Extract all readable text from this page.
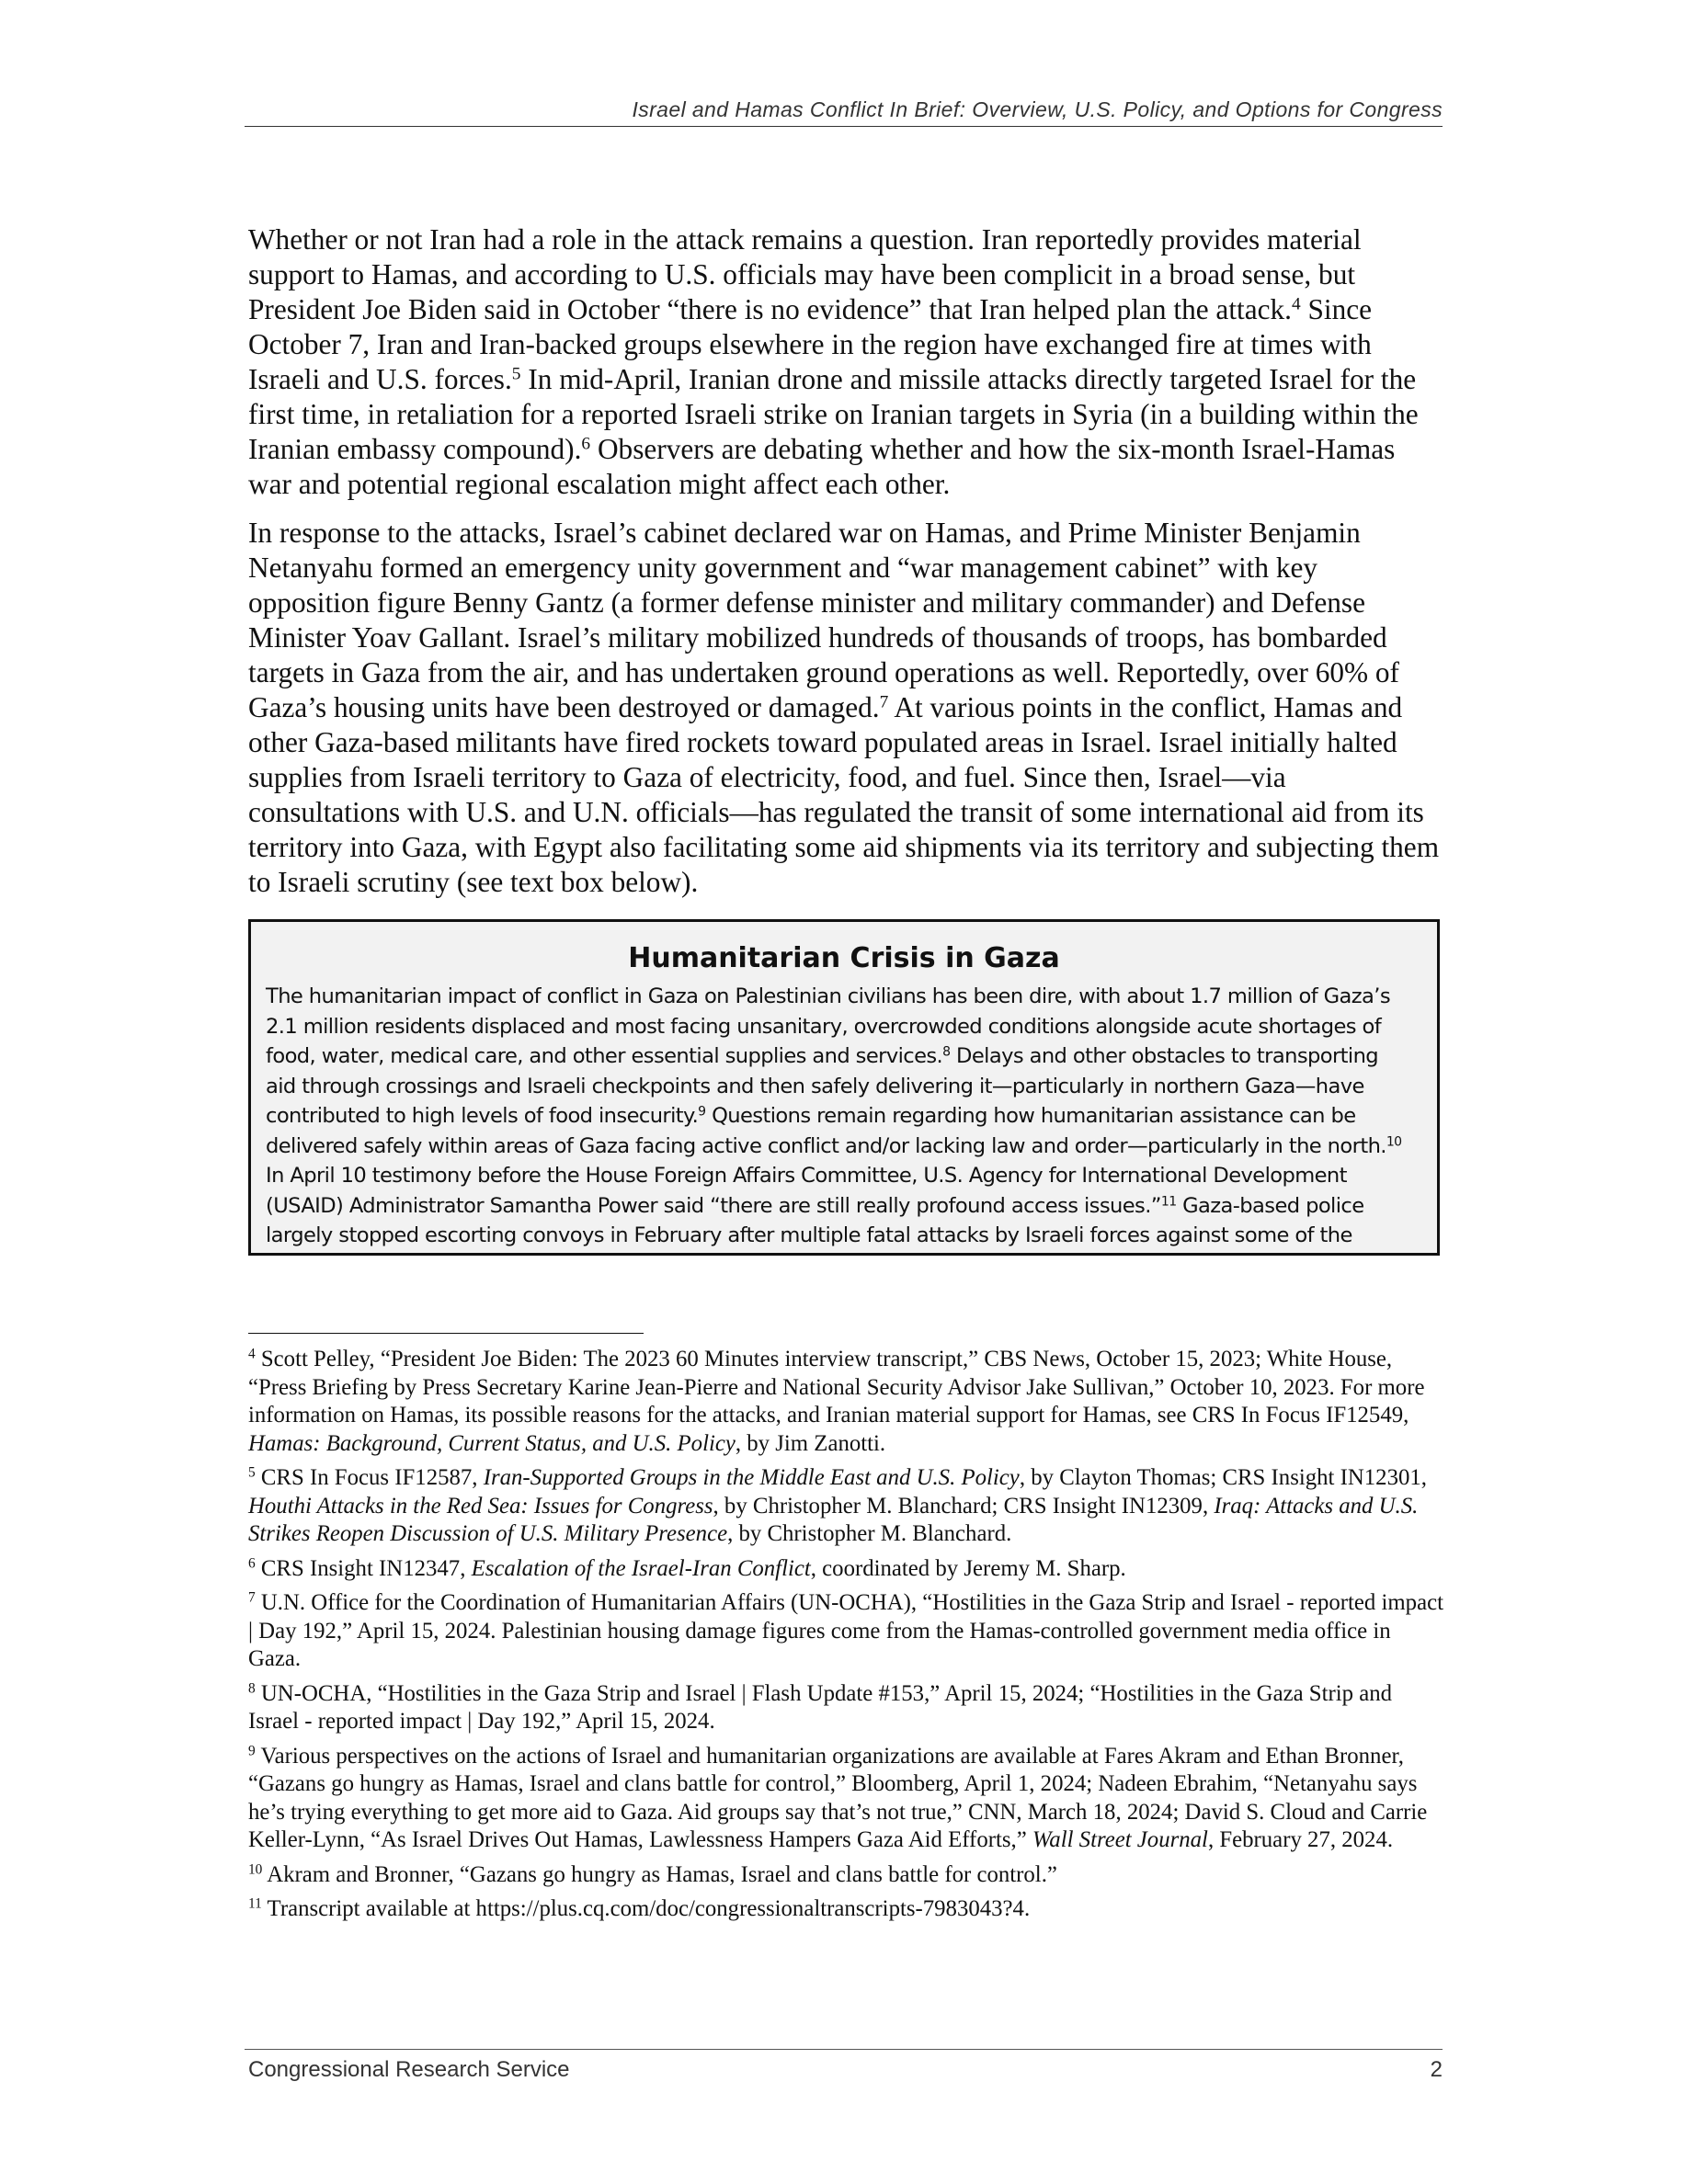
Israel and Hamas Conflict In Brief: Overview, U.S. Policy, and Options for Congress

Whether or not Iran had a role in the attack remains a question. Iran reportedly provides material support to Hamas, and according to U.S. officials may have been complicit in a broad sense, but President Joe Biden said in October “there is no evidence” that Iran helped plan the attack.$^4$ Since October 7, Iran and Iran-backed groups elsewhere in the region have exchanged fire at times with Israeli and U.S. forces.$^5$ In mid-April, Iranian drone and missile attacks directly targeted Israel for the first time, in retaliation for a reported Israeli strike on Iranian targets in Syria (in a building within the Iranian embassy compound).$^6$ Observers are debating whether and how the six-month Israel-Hamas war and potential regional escalation might affect each other.

In response to the attacks, Israel’s cabinet declared war on Hamas, and Prime Minister Benjamin Netanyahu formed an emergency unity government and “war management cabinet” with key opposition figure Benny Gantz (a former defense minister and military commander) and Defense Minister Yoav Gallant. Israel’s military mobilized hundreds of thousands of troops, has bombarded targets in Gaza from the air, and has undertaken ground operations as well. Reportedly, over 60% of Gaza’s housing units have been destroyed or damaged.$^7$ At various points in the conflict, Hamas and other Gaza-based militants have fired rockets toward populated areas in Israel. Israel initially halted supplies from Israeli territory to Gaza of electricity, food, and fuel. Since then, Israel—via consultations with U.S. and U.N. officials—has regulated the transit of some international aid from its territory into Gaza, with Egypt also facilitating some aid shipments via its territory and subjecting them to Israeli scrutiny (see text box below).

Humanitarian Crisis in Gaza
The humanitarian impact of conflict in Gaza on Palestinian civilians has been dire, with about 1.7 million of Gaza’s
2.1 million residents displaced and most facing unsanitary, overcrowded conditions alongside acute shortages of
food, water, medical care, and other essential supplies and services.$^8$ Delays and other obstacles to transporting
aid through crossings and Israeli checkpoints and then safely delivering it—particularly in northern Gaza—have
contributed to high levels of food insecurity.$^9$ Questions remain regarding how humanitarian assistance can be
delivered safely within areas of Gaza facing active conflict and/or lacking law and order—particularly in the north.$^{10}$
In April 10 testimony before the House Foreign Affairs Committee, U.S. Agency for International Development
(USAID) Administrator Samantha Power said “there are still really profound access issues.”$^{11}$ Gaza-based police
largely stopped escorting convoys in February after multiple fatal attacks by Israeli forces against some of the

$^4$ Scott Pelley, “President Joe Biden: The 2023 60 Minutes interview transcript,” CBS News, October 15, 2023; White House, “Press Briefing by Press Secretary Karine Jean-Pierre and National Security Advisor Jake Sullivan,” October 10, 2023. For more information on Hamas, its possible reasons for the attacks, and Iranian material support for Hamas, see CRS In Focus IF12549, Hamas: Background, Current Status, and U.S. Policy, by Jim Zanotti.

$^5$ CRS In Focus IF12587, Iran-Supported Groups in the Middle East and U.S. Policy, by Clayton Thomas; CRS Insight IN12301, Houthi Attacks in the Red Sea: Issues for Congress, by Christopher M. Blanchard; CRS Insight IN12309, Iraq: Attacks and U.S. Strikes Reopen Discussion of U.S. Military Presence, by Christopher M. Blanchard.

$^6$ CRS Insight IN12347, Escalation of the Israel-Iran Conflict, coordinated by Jeremy M. Sharp.

$^7$ U.N. Office for the Coordination of Humanitarian Affairs (UN-OCHA), “Hostilities in the Gaza Strip and Israel - reported impact | Day 192,” April 15, 2024. Palestinian housing damage figures come from the Hamas-controlled government media office in Gaza.

$^8$ UN-OCHA, “Hostilities in the Gaza Strip and Israel | Flash Update #153,” April 15, 2024; “Hostilities in the Gaza Strip and Israel - reported impact | Day 192,” April 15, 2024.

$^9$ Various perspectives on the actions of Israel and humanitarian organizations are available at Fares Akram and Ethan Bronner, “Gazans go hungry as Hamas, Israel and clans battle for control,” Bloomberg, April 1, 2024; Nadeen Ebrahim, “Netanyahu says he’s trying everything to get more aid to Gaza. Aid groups say that’s not true,” CNN, March 18, 2024; David S. Cloud and Carrie Keller-Lynn, “As Israel Drives Out Hamas, Lawlessness Hampers Gaza Aid Efforts,” Wall Street Journal, February 27, 2024.

$^{10}$ Akram and Bronner, “Gazans go hungry as Hamas, Israel and clans battle for control.”

$^{11}$ Transcript available at https://plus.cq.com/doc/congressionaltranscripts-7983043?4.

Congressional Research Service	2
